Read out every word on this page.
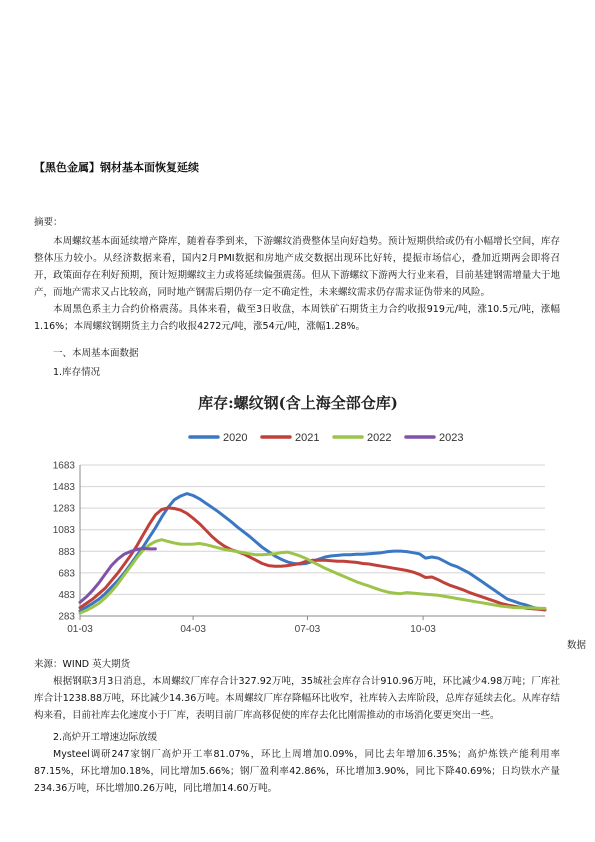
【黑色金属】钢材基本面恢复延续
摘要：

本周螺纹基本面延续增产降库，随着春季到来，下游螺纹消费整体呈向好趋势。预计短期供给或仍有小幅增长空间，库存整体压力较小。从经济数据来看，国内2月PMI数据和房地产成交数据出现环比好转，提振市场信心，叠加近期两会即将召开，政策面存在利好预期，预计短期螺纹主力或将延续偏强震荡。但从下游螺纹下游两大行业来看，目前基建钢需增量大于地产，而地产需求又占比较高，同时地产钢需后期仍存一定不确定性，未来螺纹需求仍存需求证伪带来的风险。

本周黑色系主力合约价格震荡。具体来看，截至3日收盘，本周铁矿石期货主力合约收报919元/吨，涨10.5元/吨，涨幅1.16%；本周螺纹钢期货主力合约收报4272元/吨，涨54元/吨，涨幅1.28%。

一、本周基本面数据
1.库存情况
库存:螺纹钢(含上海全部仓库)
2020	2021	2022	2023
283
483
683
883
1083
1283
1483
1683
01-03	04-03	07-03	10-03
数据
来源：WIND 英大期货

根据钢联3月3日消息，本周螺纹厂库存合计327.92万吨，35城社会库存合计910.96万吨，环比减少4.98万吨；厂库社库合计1238.88万吨，环比减少14.36万吨。本周螺纹厂库存降幅环比收窄，社库转入去库阶段，总库存延续去化。从库存结构来看，目前社库去化速度小于厂库，表明目前厂库高移促使的库存去化比刚需推动的市场消化要更突出一些。

2.高炉开工增速边际放缓

Mysteel调研247家钢厂高炉开工率81.07%，环比上周增加0.09%，同比去年增加6.35%；高炉炼铁产能利用率87.15%，环比增加0.18%，同比增加5.66%；钢厂盈利率42.86%，环比增加3.90%，同比下降40.69%；日均铁水产量234.36万吨，环比增加0.26万吨，同比增加14.60万吨。
